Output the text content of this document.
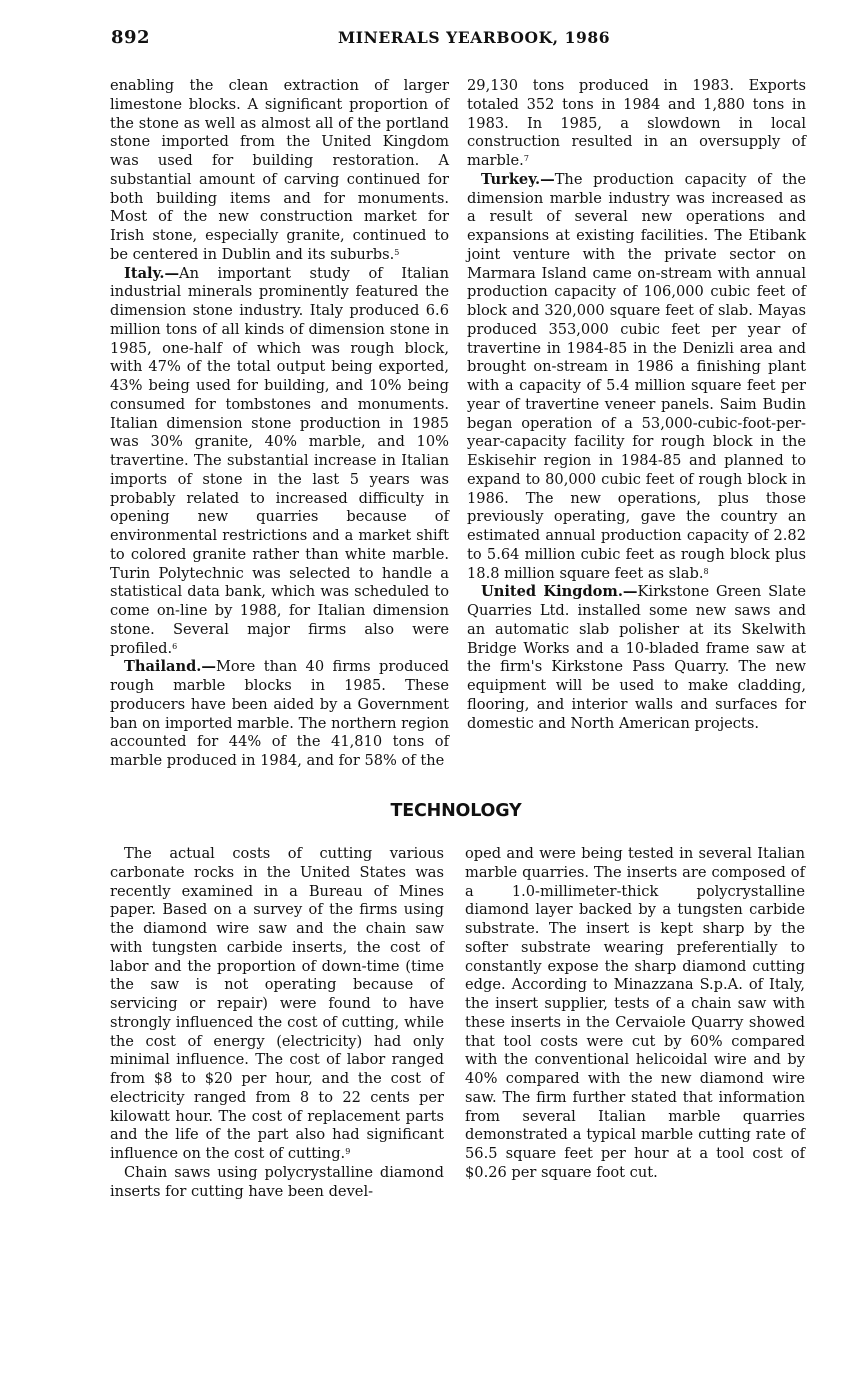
892	MINERALS YEARBOOK, 1986

enabling the clean extraction of larger limestone blocks. A significant proportion of the stone as well as almost all of the portland stone imported from the United Kingdom was used for building restoration. A substantial amount of carving continued for both building items and for monuments. Most of the new construction market for Irish stone, especially granite, continued to be centered in Dublin and its suburbs.$^5$

Italy.—An important study of Italian industrial minerals prominently featured the dimension stone industry. Italy produced 6.6 million tons of all kinds of dimension stone in 1985, one-half of which was rough block, with 47% of the total output being exported, 43% being used for building, and 10% being consumed for tombstones and monuments. Italian dimension stone production in 1985 was 30% granite, 40% marble, and 10% travertine. The substantial increase in Italian imports of stone in the last 5 years was probably related to increased difficulty in opening new quarries because of environmental restrictions and a market shift to colored granite rather than white marble. Turin Polytechnic was selected to handle a statistical data bank, which was scheduled to come on-line by 1988, for Italian dimension stone. Several major firms also were profiled.$^6$

Thailand.—More than 40 firms produced rough marble blocks in 1985. These producers have been aided by a Government ban on imported marble. The northern region accounted for 44% of the 41,810 tons of marble produced in 1984, and for 58% of the

29,130 tons produced in 1983. Exports totaled 352 tons in 1984 and 1,880 tons in 1983. In 1985, a slowdown in local construction resulted in an oversupply of marble.$^7$

Turkey.—The production capacity of the dimension marble industry was increased as a result of several new operations and expansions at existing facilities. The Etibank joint venture with the private sector on Marmara Island came on-stream with annual production capacity of 106,000 cubic feet of block and 320,000 square feet of slab. Mayas produced 353,000 cubic feet per year of travertine in 1984-85 in the Denizli area and brought on-stream in 1986 a finishing plant with a capacity of 5.4 million square feet per year of travertine veneer panels. Saim Budin began operation of a 53,000-cubic-foot-per-year-capacity facility for rough block in the Eskisehir region in 1984-85 and planned to expand to 80,000 cubic feet of rough block in 1986. The new operations, plus those previously operating, gave the country an estimated annual production capacity of 2.82 to 5.64 million cubic feet as rough block plus 18.8 million square feet as slab.$^8$

United Kingdom.—Kirkstone Green Slate Quarries Ltd. installed some new saws and an automatic slab polisher at its Skelwith Bridge Works and a 10-bladed frame saw at the firm's Kirkstone Pass Quarry. The new equipment will be used to make cladding, flooring, and interior walls and surfaces for domestic and North American projects.

TECHNOLOGY

The actual costs of cutting various carbonate rocks in the United States was recently examined in a Bureau of Mines paper. Based on a survey of the firms using the diamond wire saw and the chain saw with tungsten carbide inserts, the cost of labor and the proportion of down-time (time the saw is not operating because of servicing or repair) were found to have strongly influenced the cost of cutting, while the cost of energy (electricity) had only minimal influence. The cost of labor ranged from $8 to $20 per hour, and the cost of electricity ranged from 8 to 22 cents per kilowatt hour. The cost of replacement parts and the life of the part also had significant influence on the cost of cutting.$^9$

Chain saws using polycrystalline diamond inserts for cutting have been devel-

oped and were being tested in several Italian marble quarries. The inserts are composed of a 1.0-millimeter-thick polycrystalline diamond layer backed by a tungsten carbide substrate. The insert is kept sharp by the softer substrate wearing preferentially to constantly expose the sharp diamond cutting edge. According to Minazzana S.p.A. of Italy, the insert supplier, tests of a chain saw with these inserts in the Cervaiole Quarry showed that tool costs were cut by 60% compared with the conventional helicoidal wire and by 40% compared with the new diamond wire saw. The firm further stated that information from several Italian marble quarries demonstrated a typical marble cutting rate of 56.5 square feet per hour at a tool cost of $0.26 per square foot cut.
